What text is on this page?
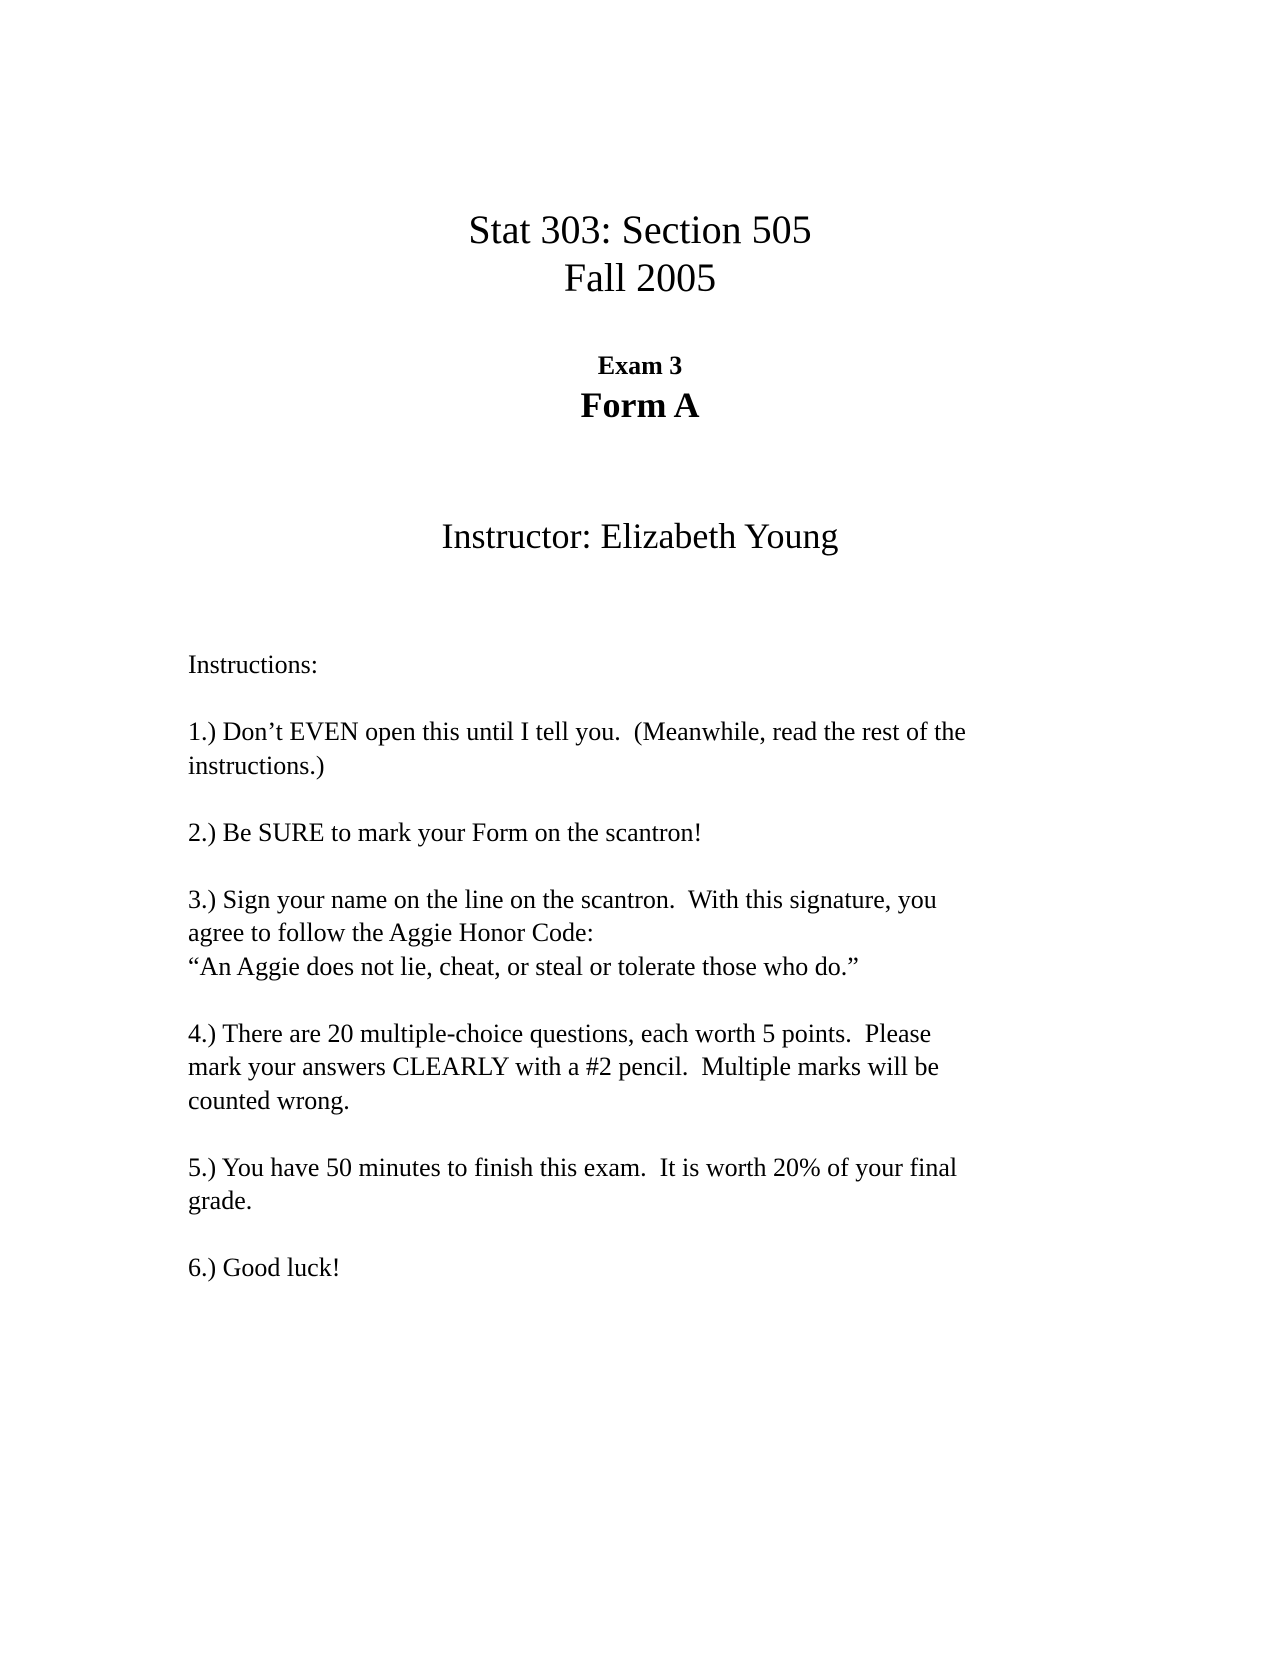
Stat 303: Section 505
Fall 2005
Exam 3
Form A
Instructor: Elizabeth Young
Instructions:
1.) Don’t EVEN open this until I tell you.  (Meanwhile, read the rest of the
instructions.)
2.) Be SURE to mark your Form on the scantron!
3.) Sign your name on the line on the scantron.  With this signature, you
agree to follow the Aggie Honor Code:
“An Aggie does not lie, cheat, or steal or tolerate those who do.”
4.) There are 20 multiple-choice questions, each worth 5 points.  Please
mark your answers CLEARLY with a #2 pencil.  Multiple marks will be
counted wrong.
5.) You have 50 minutes to finish this exam.  It is worth 20% of your final
grade.
6.) Good luck!
